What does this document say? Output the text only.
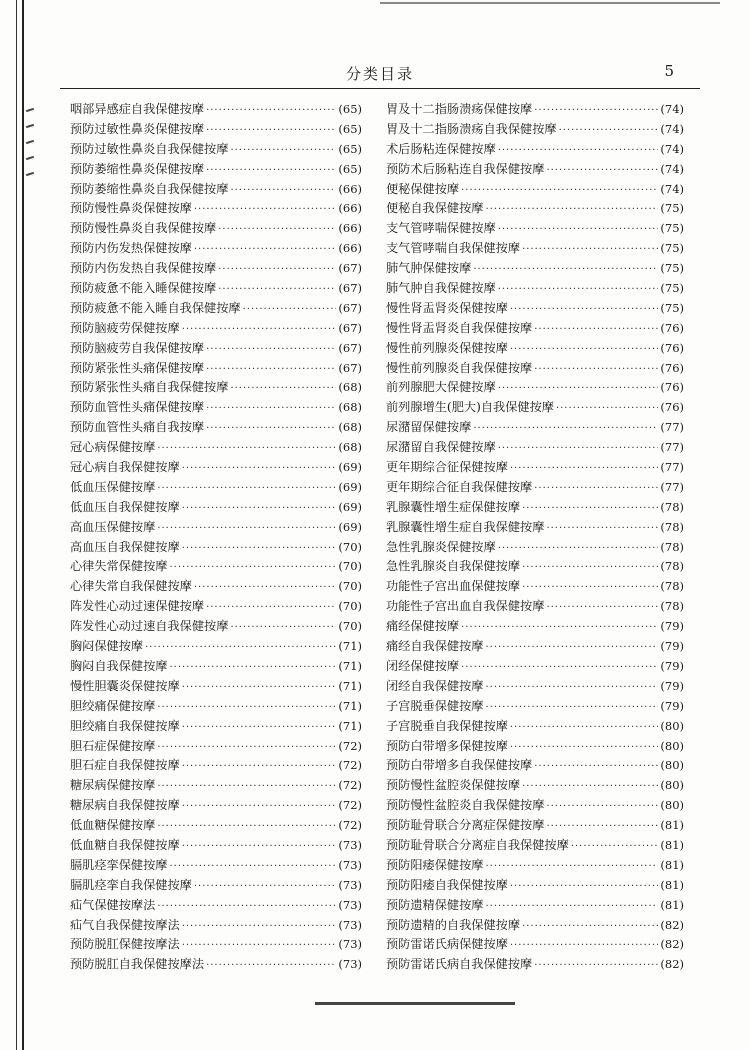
分类目录	5
咽部异感症自我保健按摩 ·····	(65)
预防过敏性鼻炎保健按摩 ·····	(65)
预防过敏性鼻炎自我保健按摩 ·····	(65)
预防萎缩性鼻炎保健按摩 ·····	(65)
预防萎缩性鼻炎自我保健按摩 ·····	(66)
预防慢性鼻炎保健按摩 ·····	(66)
预防慢性鼻炎自我保健按摩 ·····	(66)
预防内伤发热保健按摩 ·····	(66)
预防内伤发热自我保健按摩 ·····	(67)
预防疲惫不能入睡保健按摩 ·····	(67)
预防疲惫不能入睡自我保健按摩 ·····	(67)
预防脑疲劳保健按摩 ·····	(67)
预防脑疲劳自我保健按摩 ·····	(67)
预防紧张性头痛保健按摩 ·····	(67)
预防紧张性头痛自我保健按摩 ·····	(68)
预防血管性头痛保健按摩 ·····	(68)
预防血管性头痛自我按摩 ·····	(68)
冠心病保健按摩 ·····	(68)
冠心病自我保健按摩 ·····	(69)
低血压保健按摩 ·····	(69)
低血压自我保健按摩 ·····	(69)
高血压保健按摩 ·····	(69)
高血压自我保健按摩 ·····	(70)
心律失常保健按摩 ·····	(70)
心律失常自我保健按摩 ·····	(70)
阵发性心动过速保健按摩 ·····	(70)
阵发性心动过速自我保健按摩 ·····	(70)
胸闷保健按摩 ·····	(71)
胸闷自我保健按摩 ·····	(71)
慢性胆囊炎保健按摩 ·····	(71)
胆绞痛保健按摩 ·····	(71)
胆绞痛自我保健按摩 ·····	(71)
胆石症保健按摩 ·····	(72)
胆石症自我保健按摩 ·····	(72)
糖尿病保健按摩 ·····	(72)
糖尿病自我保健按摩 ·····	(72)
低血糖保健按摩 ·····	(72)
低血糖自我保健按摩 ·····	(73)
膈肌痉挛保健按摩 ·····	(73)
膈肌痉挛自我保健按摩 ·····	(73)
疝气保健按摩法 ·····	(73)
疝气自我保健按摩法 ·····	(73)
预防脱肛保健按摩法 ·····	(73)
预防脱肛自我保健按摩法 ·····	(73)
胃及十二指肠溃疡保健按摩 ·····	(74)
胃及十二指肠溃疡自我保健按摩 ·····	(74)
术后肠粘连保健按摩 ·····	(74)
预防术后肠粘连自我保健按摩 ·····	(74)
便秘保健按摩 ·····	(74)
便秘自我保健按摩 ·····	(75)
支气管哮喘保健按摩 ·····	(75)
支气管哮喘自我保健按摩 ·····	(75)
肺气肿保健按摩 ·····	(75)
肺气肿自我保健按摩 ·····	(75)
慢性肾盂肾炎保健按摩 ·····	(75)
慢性肾盂肾炎自我保健按摩 ·····	(76)
慢性前列腺炎保健按摩 ·····	(76)
慢性前列腺炎自我保健按摩 ·····	(76)
前列腺肥大保健按摩 ·····	(76)
前列腺增生(肥大)自我保健按摩 ·····	(76)
尿潴留保健按摩 ·····	(77)
尿潴留自我保健按摩 ·····	(77)
更年期综合征保健按摩 ·····	(77)
更年期综合征自我保健按摩 ·····	(77)
乳腺囊性增生症保健按摩 ·····	(78)
乳腺囊性增生症自我保健按摩 ·····	(78)
急性乳腺炎保健按摩 ·····	(78)
急性乳腺炎自我保健按摩 ·····	(78)
功能性子宫出血保健按摩 ·····	(78)
功能性子宫出血自我保健按摩 ·····	(78)
痛经保健按摩 ·····	(79)
痛经自我保健按摩 ·····	(79)
闭经保健按摩 ·····	(79)
闭经自我保健按摩 ·····	(79)
子宫脱垂保健按摩 ·····	(79)
子宫脱垂自我保健按摩 ·····	(80)
预防白带增多保健按摩 ·····	(80)
预防白带增多自我保健按摩 ·····	(80)
预防慢性盆腔炎保健按摩 ·····	(80)
预防慢性盆腔炎自我保健按摩 ·····	(80)
预防耻骨联合分离症保健按摩 ·····	(81)
预防耻骨联合分离症自我保健按摩 ·····	(81)
预防阳痿保健按摩 ·····	(81)
预防阳痿自我保健按摩 ·····	(81)
预防遗精保健按摩 ·····	(81)
预防遗精的自我保健按摩 ·····	(82)
预防雷诺氏病保健按摩 ·····	(82)
预防雷诺氏病自我保健按摩 ·····	(82)
